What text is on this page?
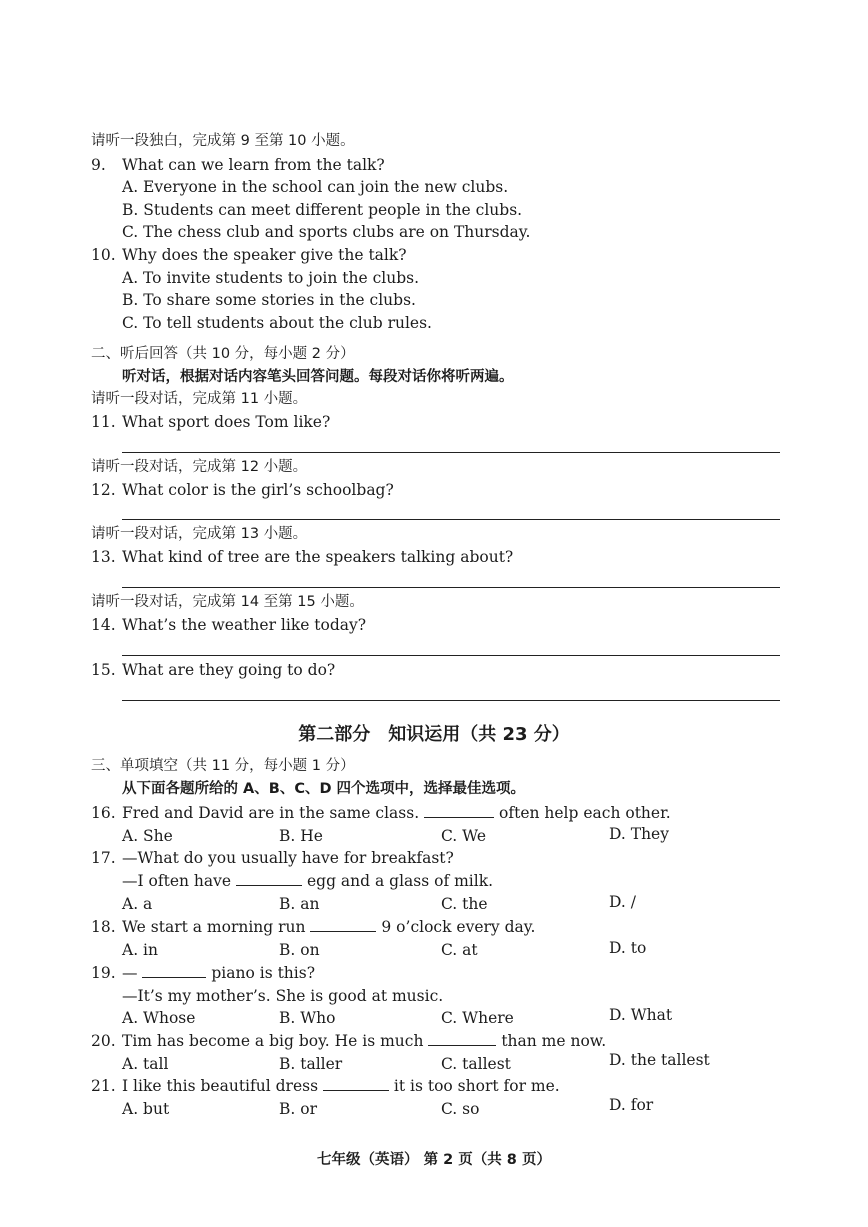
请听一段独白，完成第 9 至第 10 小题。
9. What can we learn from the talk?
A. Everyone in the school can join the new clubs.
B. Students can meet different people in the clubs.
C. The chess club and sports clubs are on Thursday.
10. Why does the speaker give the talk?
A. To invite students to join the clubs.
B. To share some stories in the clubs.
C. To tell students about the club rules.
二、听后回答（共 10 分，每小题 2 分）
听对话，根据对话内容笔头回答问题。每段对话你将听两遍。
请听一段对话，完成第 11 小题。
11. What sport does Tom like?
请听一段对话，完成第 12 小题。
12. What color is the girl’s schoolbag?
请听一段对话，完成第 13 小题。
13. What kind of tree are the speakers talking about?
请听一段对话，完成第 14 至第 15 小题。
14. What’s the weather like today?
15. What are they going to do?
第二部分　知识运用（共 23 分）
三、单项填空（共 11 分，每小题 1 分）
从下面各题所给的 A、B、C、D 四个选项中，选择最佳选项。
16. Fred and David are in the same class.	often help each other.
A. She	B. He	C. We	D. They
17. —What do you usually have for breakfast?
—I often have	egg and a glass of milk.
A. a	B. an	C. the	D. /
18. We start a morning run	9 o’clock every day.
A. in	B. on	C. at	D. to
19. —	piano is this?
—It’s my mother’s. She is good at music.
A. Whose	B. Who	C. Where	D. What
20. Tim has become a big boy. He is much	than me now.
A. tall	B. taller	C. tallest	D. the tallest
21. I like this beautiful dress	it is too short for me.
A. but	B. or	C. so	D. for
七年级（英语） 第 2 页（共 8 页）
